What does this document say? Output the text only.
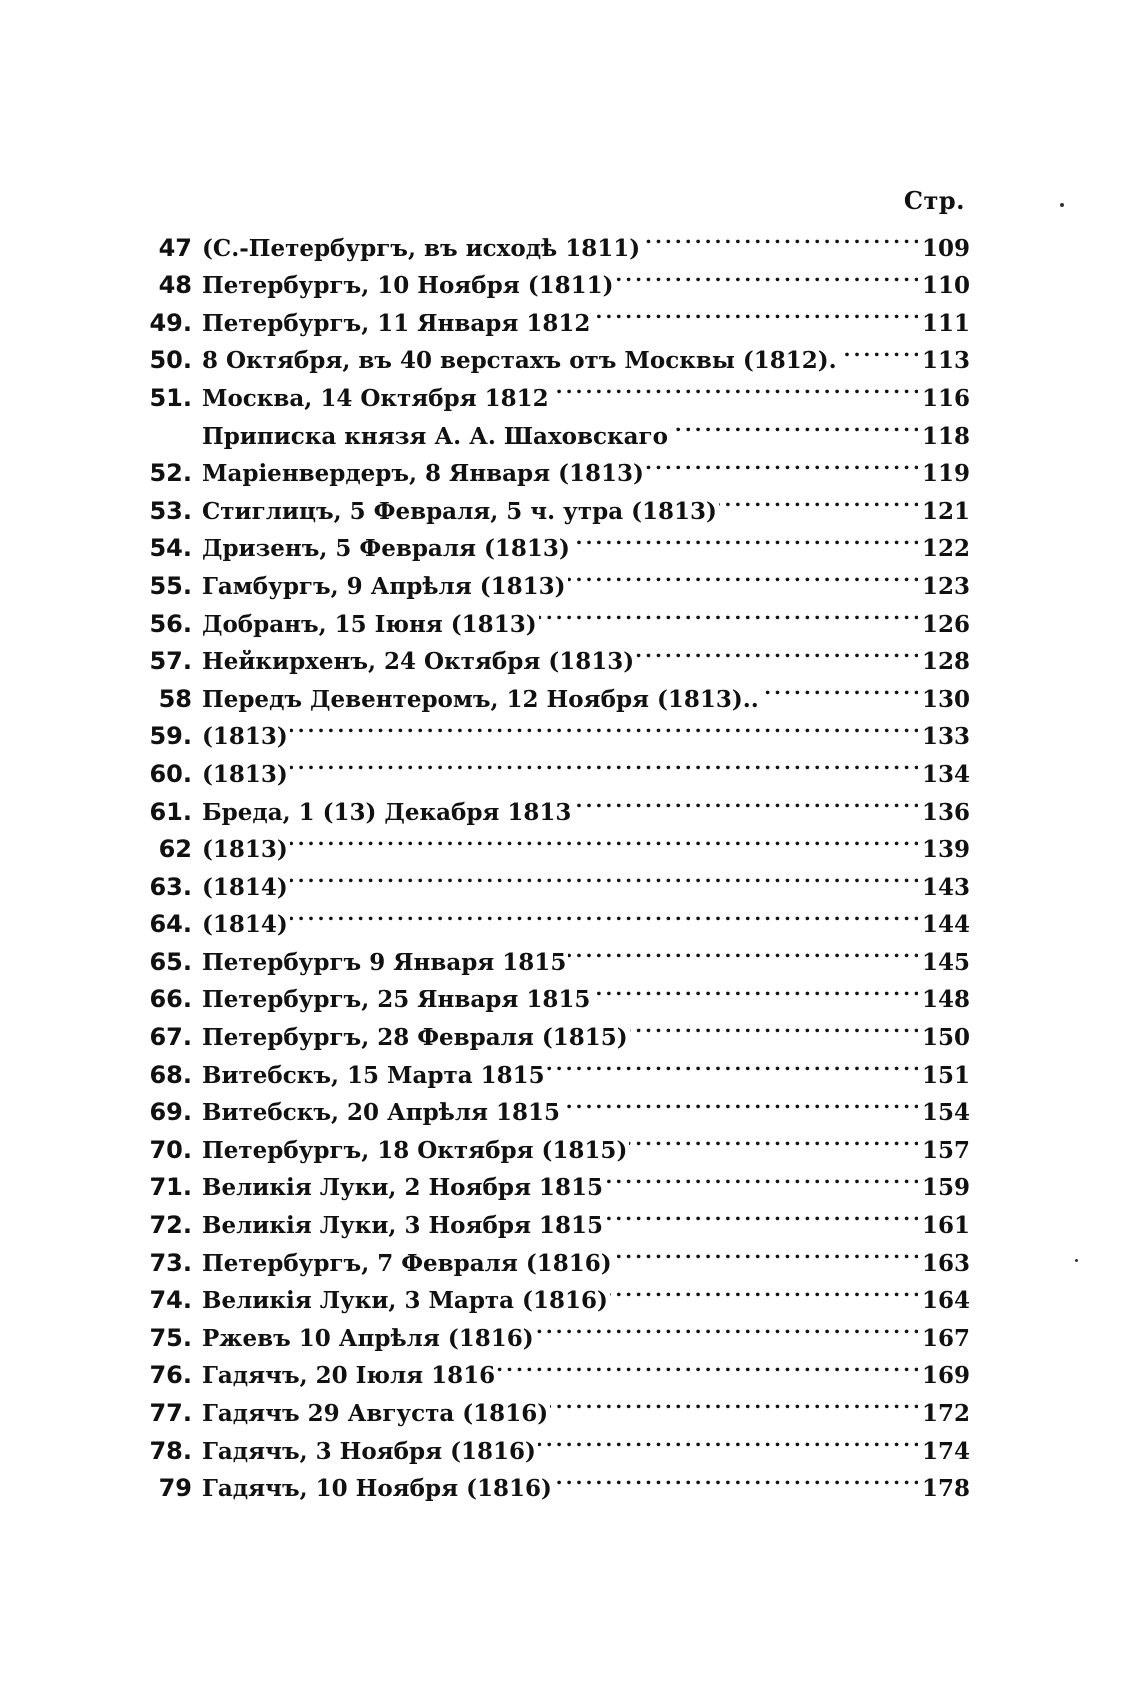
Стр.
47 (С.-Петербургъ, въ исходѣ 1811) . . .	109
48 Петербургъ, 10 Ноября (1811) . . .	110
49. Петербургъ, 11 Января 1812 . . .	111
50. 8 Октября, въ 40 верстахъ отъ Москвы (1812). . . .	113
51. Москва, 14 Октября 1812 . . .	116
Приписка князя А. А. Шаховскаго . . .	118
52. Маріенвердеръ, 8 Января (1813) . . .	119
53. Стиглицъ, 5 Февраля, 5 ч. утра (1813) . . .	121
54. Дризенъ, 5 Февраля (1813) . . .	122
55. Гамбургъ, 9 Апрѣля (1813) . . .	123
56. Добранъ, 15 Іюня (1813) . . .	126
57. Нейкирхенъ, 24 Октября (1813) . . .	128
58 Передъ Девентеромъ, 12 Ноября (1813).. . . .	130
59. (1813) . . .	133
60. (1813) . . .	134
61. Бреда, 1 (13) Декабря 1813 . . .	136
62 (1813) . . .	139
63. (1814) . . .	143
64. (1814) . . .	144
65. Петербургъ 9 Января 1815 . . .	145
66. Петербургъ, 25 Января 1815 . . .	148
67. Петербургъ, 28 Февраля (1815) . . .	150
68. Витебскъ, 15 Марта 1815 . . .	151
69. Витебскъ, 20 Апрѣля 1815 . . .	154
70. Петербургъ, 18 Октября (1815) . . .	157
71. Великія Луки, 2 Ноября 1815 . . .	159
72. Великія Луки, 3 Ноября 1815 . . .	161
73. Петербургъ, 7 Февраля (1816) . . .	163
74. Великія Луки, 3 Марта (1816) . . .	164
75. Ржевъ 10 Апрѣля (1816) . . .	167
76. Гадячъ, 20 Іюля 1816 . . .	169
77. Гадячъ 29 Августа (1816) . . .	172
78. Гадячъ, 3 Ноября (1816) . . .	174
79 Гадячъ, 10 Ноября (1816) . . .	178
